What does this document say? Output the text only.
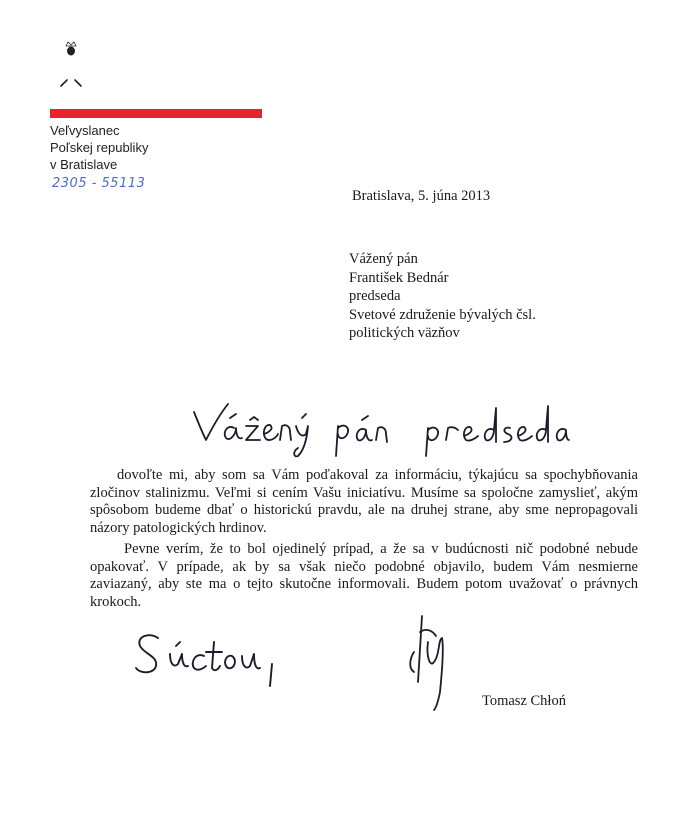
Veľvyslanec
Poľskej republiky
v Bratislave
2305 - 55113
Bratislava, 5. júna 2013
Vážený pán
František Bednár
predseda
Svetové združenie bývalých čsl.
politických väzňov

dovoľte mi, aby som sa Vám poďakoval za informáciu, týkajúcu sa spochybňovania zločinov stalinizmu. Veľmi si cením Vašu iniciatívu. Musíme sa spoločne zamyslieť, akým spôsobom budeme dbať o historickú pravdu, ale na druhej strane, aby sme nepropagovali názory patologických hrdinov.

Pevne verím, že to bol ojedinelý prípad, a že sa v budúcnosti nič podobné nebude opakovať. V prípade, ak by sa však niečo podobné objavilo, budem Vám nesmierne zaviazaný, aby ste ma o tejto skutočne informovali. Budem potom uvažovať o právnych krokoch.

Tomasz Chłoń
